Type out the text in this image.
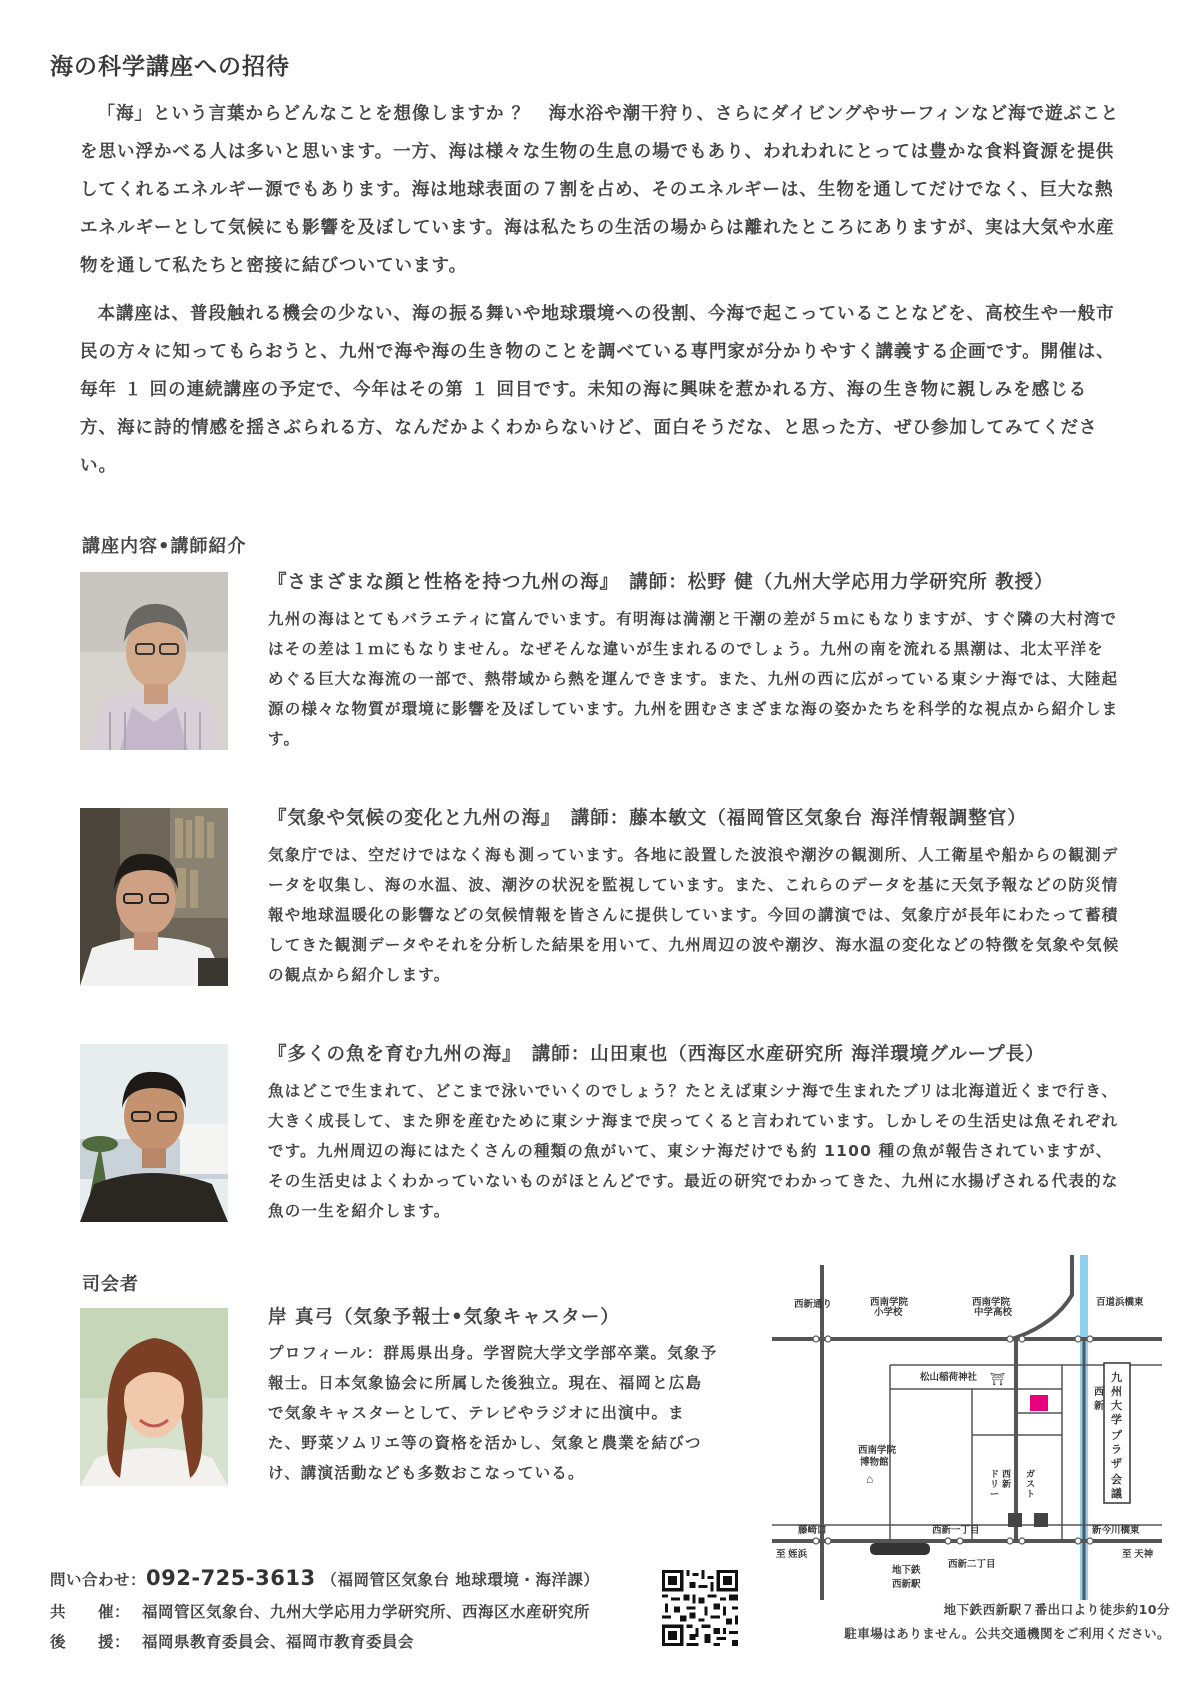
海の科学講座への招待

「海」という言葉からどんなことを想像しますか ？　海水浴や潮干狩り、さらにダイビングやサーフィンなど海で遊ぶことを思い浮かべる人は多いと思います。一方、海は様々な生物の生息の場でもあり、われわれにとっては豊かな食料資源を提供してくれるエネルギー源でもあります。海は地球表面の７割を占め、そのエネルギーは、生物を通してだけでなく、巨大な熱エネルギーとして気候にも影響を及ぼしています。海は私たちの生活の場からは離れたところにありますが、実は大気や水産物を通して私たちと密接に結びついています。

本講座は、普段触れる機会の少ない、海の振る舞いや地球環境への役割、今海で起こっていることなどを、高校生や一般市民の方々に知ってもらおうと、九州で海や海の生き物のことを調べている専門家が分かりやすく講義する企画です。開催は、毎年 １ 回の連続講座の予定で、今年はその第 １ 回目です。未知の海に興味を惹かれる方、海の生き物に親しみを感じる方、海に詩的情感を揺さぶられる方、なんだかよくわからないけど、面白そうだな、と思った方、ぜひ参加してみてください。

講座内容•講師紹介
『さまざまな顔と性格を持つ九州の海』　講師：松野 健（九州大学応用力学研究所 教授）

九州の海はとてもバラエティに富んでいます。有明海は満潮と干潮の差が５ｍにもなりますが、すぐ隣の大村湾ではその差は１ｍにもなりません。なぜそんな違いが生まれるのでしょう。九州の南を流れる黒潮は、北太平洋をめぐる巨大な海流の一部で、熱帯域から熱を運んできます。また、九州の西に広がっている東シナ海では、大陸起源の様々な物質が環境に影響を及ぼしています。九州を囲むさまざまな海の姿かたちを科学的な視点から紹介します。

『気象や気候の変化と九州の海』　講師：藤本敏文（福岡管区気象台 海洋情報調整官）

気象庁では、空だけではなく海も測っています。各地に設置した波浪や潮汐の観測所、人工衛星や船からの観測データを収集し、海の水温、波、潮汐の状況を監視しています。また、これらのデータを基に天気予報などの防災情報や地球温暖化の影響などの気候情報を皆さんに提供しています。今回の講演では、気象庁が長年にわたって蓄積してきた観測データやそれを分析した結果を用いて、九州周辺の波や潮汐、海水温の変化などの特徴を気象や気候の観点から紹介します。

『多くの魚を育む九州の海』　講師：山田東也（西海区水産研究所 海洋環境グループ長）

魚はどこで生まれて、どこまで泳いでいくのでしょう？たとえば東シナ海で生まれたブリは北海道近くまで行き、大きく成長して、また卵を産むために東シナ海まで戻ってくると言われています。しかしその生活史は魚それぞれです。九州周辺の海にはたくさんの種類の魚がいて、東シナ海だけでも約 1100 種の魚が報告されていますが、その生活史はよくわかっていないものがほとんどです。最近の研究でわかってきた、九州に水揚げされる代表的な魚の一生を紹介します。

司会者
岸 真弓（気象予報士•気象キャスター）

プロフィール：群馬県出身。学習院大学文学部卒業。気象予報士。日本気象協会に所属した後独立。現在、福岡と広島で気象キャスターとして、テレビやラジオに出演中。また、野菜ソムリエ等の資格を活かし、気象と農業を結びつけ、講演活動なども多数おこなっている。

問い合わせ：092-725-3613 （福岡管区気象台 地球環境・海洋課）
共　　催： 福岡管区気象台、九州大学応用力学研究所、西海区水産研究所
後　　援： 福岡県教育委員会、福岡市教育委員会
⛩
⌂
西新通り	西南学院
小学校
西南学院
中学高校
百道浜橋東
松山稲荷神社
西南学院
博物館
藤崎口	西新一丁目	新今川橋東
至 姪浜	至 天神
地下鉄
西新駅
西新二丁目
九
州
大
学
西
新
プ
ラ
ザ
会
議
ド
リ
ー
西
新
ガ
ス
ト
地下鉄西新駅７番出口より徒歩約10分
駐車場はありません。公共交通機関をご利用ください。
